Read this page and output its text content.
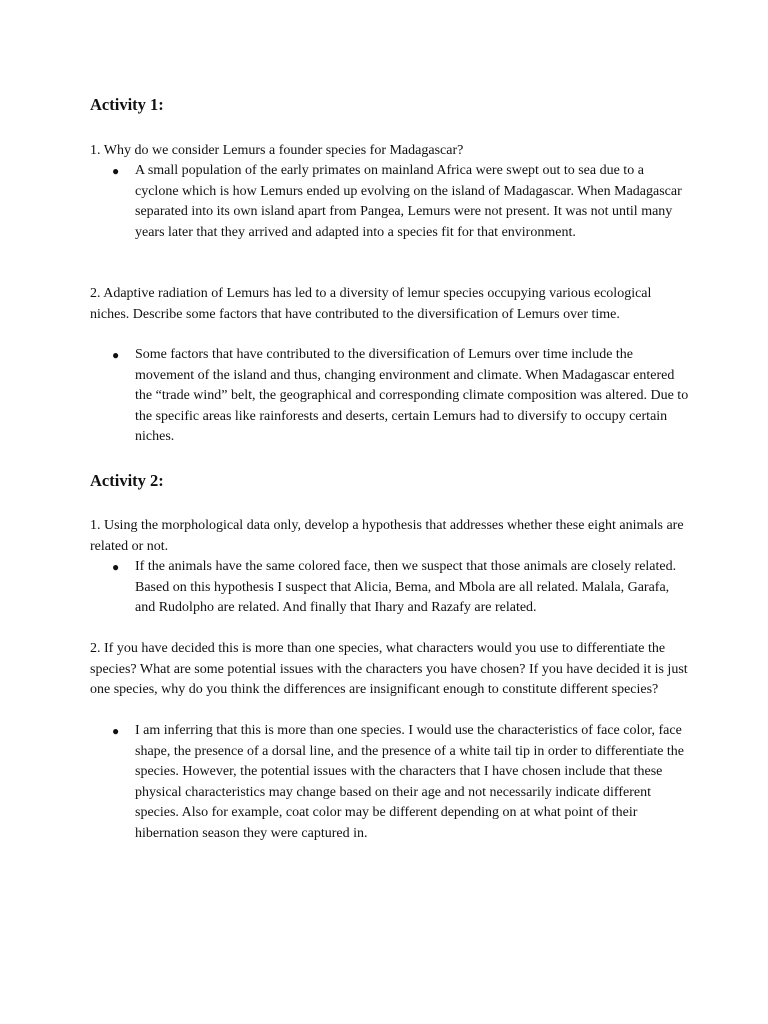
Activity 1:

1. Why do we consider Lemurs a founder species for Madagascar?

●	A small population of the early primates on mainland Africa were swept out to sea due to a cyclone which is how Lemurs ended up evolving on the island of Madagascar. When Madagascar separated into its own island apart from Pangea, Lemurs were not present. It was not until many years later that they arrived and adapted into a species fit for that environment.

2. Adaptive radiation of Lemurs has led to a diversity of lemur species occupying various ecological niches. Describe some factors that have contributed to the diversification of Lemurs over time.

●	Some factors that have contributed to the diversification of Lemurs over time include the movement of the island and thus, changing environment and climate. When Madagascar entered the “trade wind” belt, the geographical and corresponding climate composition was altered. Due to the specific areas like rainforests and deserts, certain Lemurs had to diversify to occupy certain niches.
Activity 2:

1. Using the morphological data only, develop a hypothesis that addresses whether these eight animals are related or not.

●	If the animals have the same colored face, then we suspect that those animals are closely related. Based on this hypothesis I suspect that Alicia, Bema, and Mbola are all related. Malala, Garafa, and Rudolpho are related. And finally that Ihary and Razafy are related.

2. If you have decided this is more than one species, what characters would you use to differentiate the species? What are some potential issues with the characters you have chosen? If you have decided it is just one species, why do you think the differences are insignificant enough to constitute different species?

●	I am inferring that this is more than one species. I would use the characteristics of face color, face shape, the presence of a dorsal line, and the presence of a white tail tip in order to differentiate the species. However, the potential issues with the characters that I have chosen include that these physical characteristics may change based on their age and not necessarily indicate different species. Also for example, coat color may be different depending on at what point of their hibernation season they were captured in.
